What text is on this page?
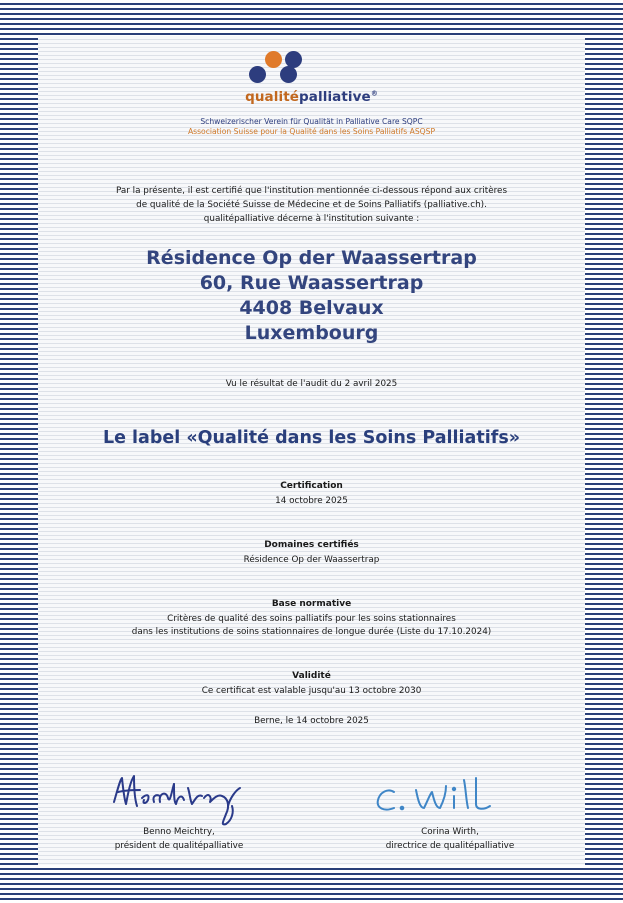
qualitépalliative®
Schweizerischer Verein für Qualität in Palliative Care SQPC
Association Suisse pour la Qualité dans les Soins Palliatifs ASQSP
Par la présente, il est certifié que l'institution mentionnée ci-dessous répond aux critères
de qualité de la Société Suisse de Médecine et de Soins Palliatifs (palliative.ch).
qualitépalliative décerne à l'institution suivante :
Résidence Op der Waassertrap
60, Rue Waassertrap
4408 Belvaux
Luxembourg
Vu le résultat de l'audit du 2 avril 2025
Le label «Qualité dans les Soins Palliatifs»
Certification
14 octobre 2025
Domaines certifiés
Résidence Op der Waassertrap
Base normative
Critères de qualité des soins palliatifs pour les soins stationnaires
dans les institutions de soins stationnaires de longue durée (Liste du 17.10.2024)
Validité
Ce certificat est valable jusqu'au 13 octobre 2030
Berne, le 14 octobre 2025
Benno Meichtry,
président de qualitépalliative
Corina Wirth,
directrice de qualitépalliative
